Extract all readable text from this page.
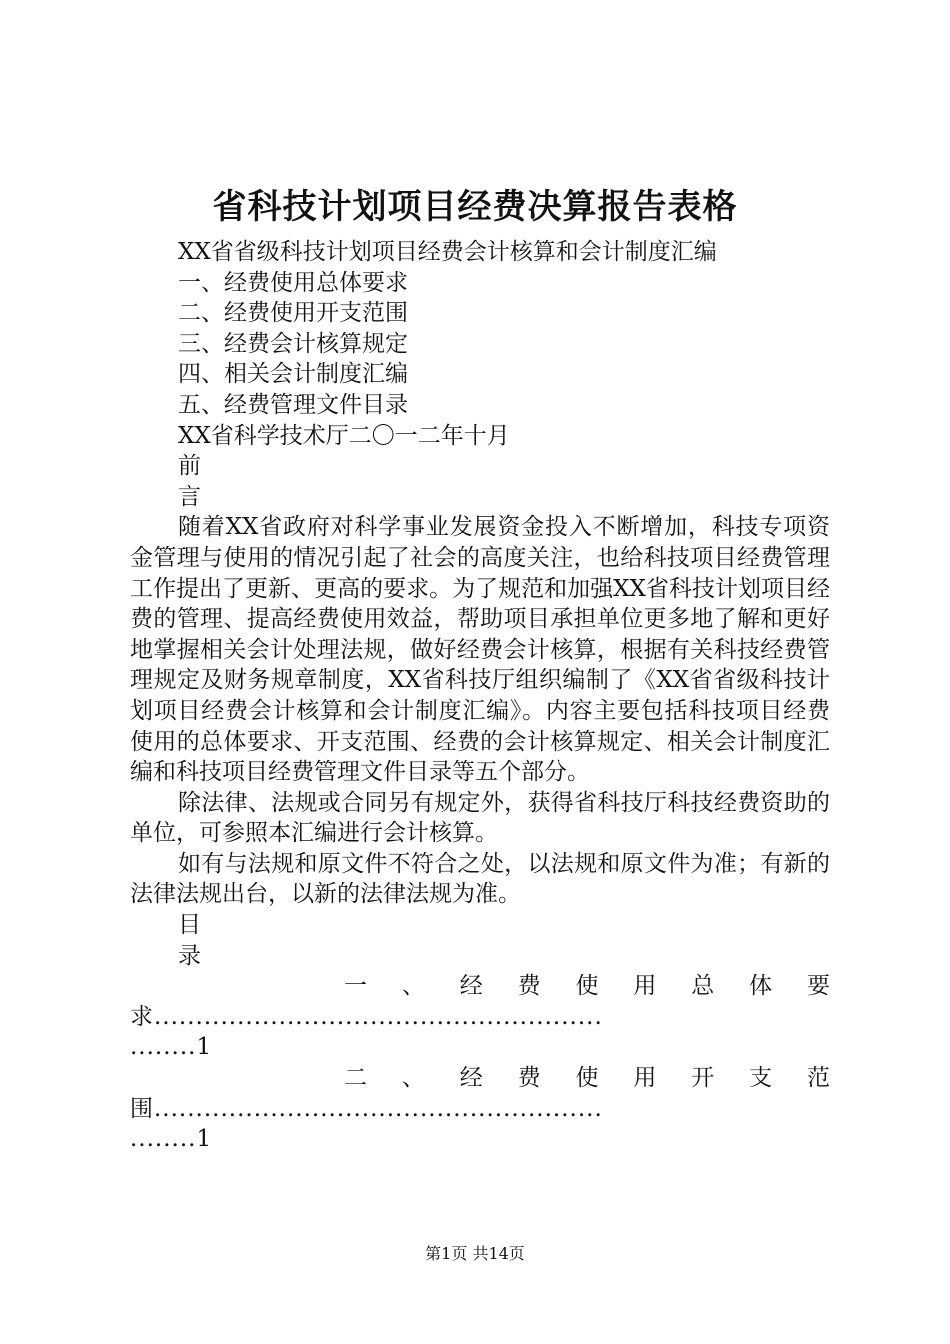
省科技计划项目经费决算报告表格
XX省省级科技计划项目经费会计核算和会计制度汇编
一、经费使用总体要求
二、经费使用开支范围
三、经费会计核算规定
四、相关会计制度汇编
五、经费管理文件目录
XX省科学技术厅二〇一二年十月
前
言

随着XX省政府对科学事业发展资金投入不断增加，科技专项资金管理与使用的情况引起了社会的高度关注，也给科技项目经费管理工作提出了更新、更高的要求。为了规范和加强XX省科技计划项目经费的管理、提高经费使用效益，帮助项目承担单位更多地了解和更好地掌握相关会计处理法规，做好经费会计核算，根据有关科技经费管理规定及财务规章制度，XX省科技厅组织编制了《XX省省级科技计划项目经费会计核算和会计制度汇编》。内容主要包括科技项目经费使用的总体要求、开支范围、经费的会计核算规定、相关会计制度汇编和科技项目经费管理文件目录等五个部分。

除法律、法规或合同另有规定外，获得省科技厅科技经费资助的单位，可参照本汇编进行会计核算。

如有与法规和原文件不符合之处，以法规和原文件为准；有新的法律法规出台，以新的法律法规为准。

目
录
一 、 经 费 使 用 总 体 要
求......................................................
........1
二 、 经 费 使 用 开 支 范
围......................................................
........1
第1页 共14页
